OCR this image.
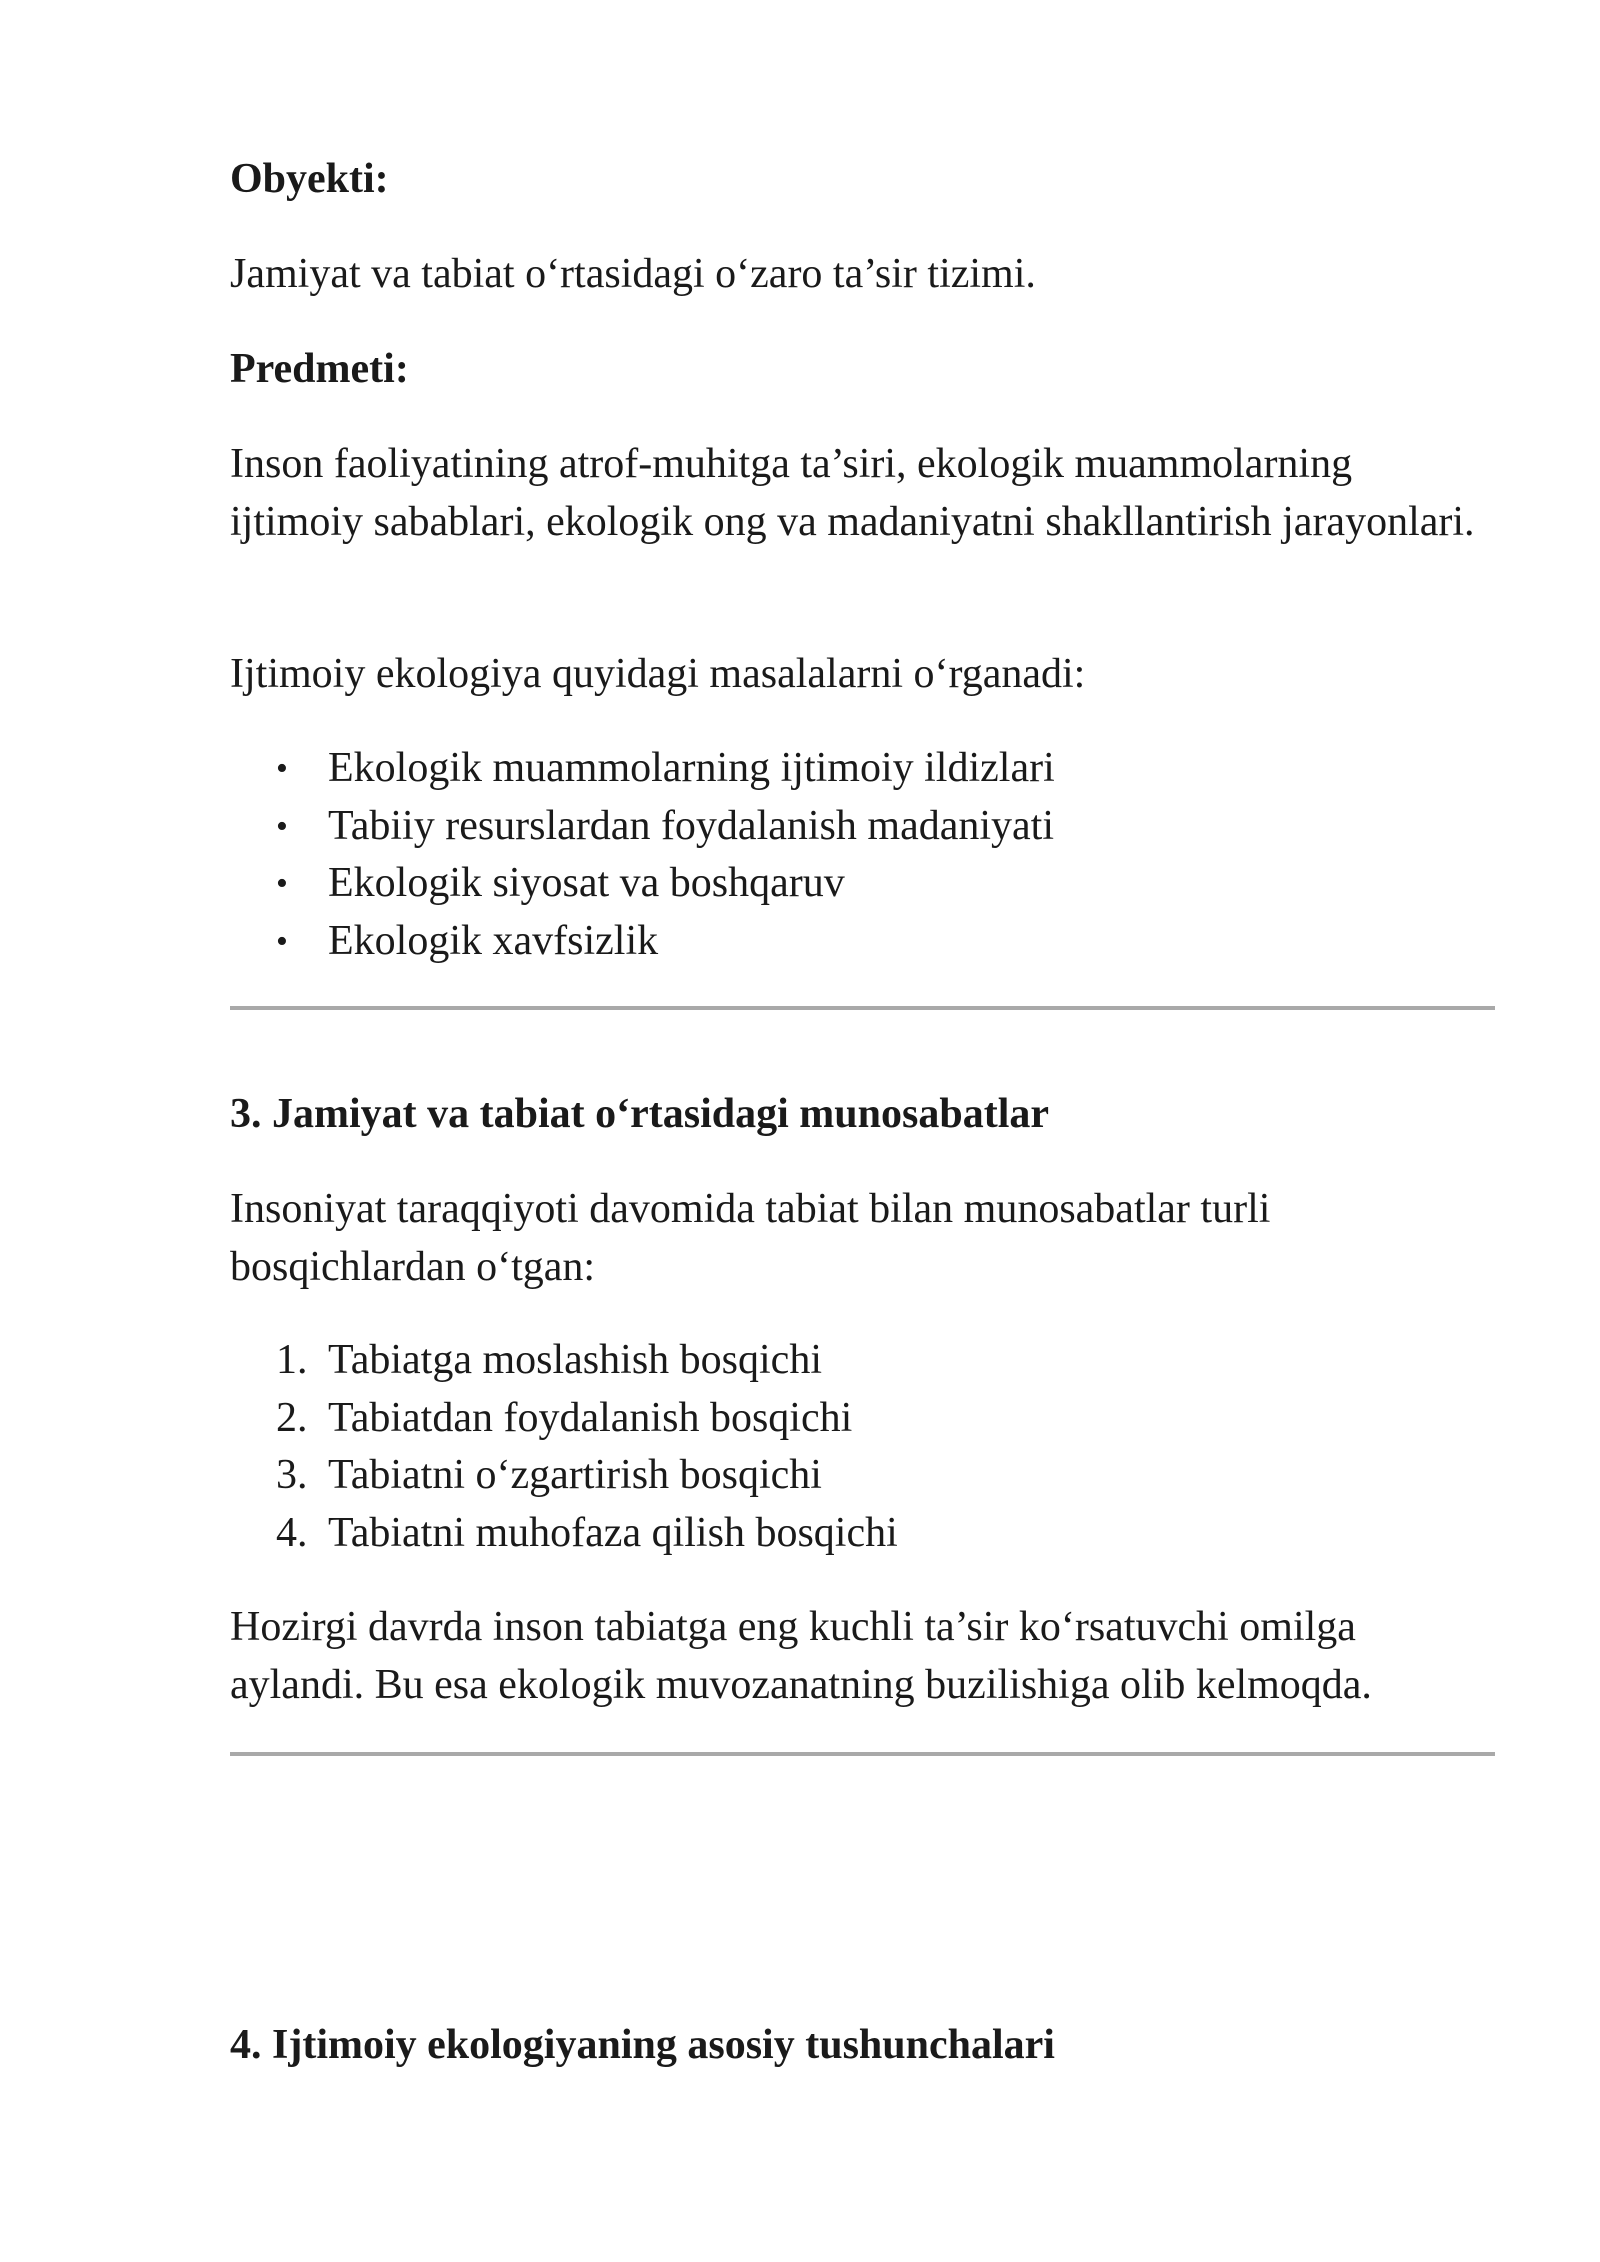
Obyekti:

Jamiyat va tabiat o‘rtasidagi o‘zaro ta’sir tizimi.

Predmeti:

Inson faoliyatining atrof-muhitga ta’siri, ekologik muammolarning ijtimoiy sabablari, ekologik ong va madaniyatni shakllantirish jarayonlari.

Ijtimoiy ekologiya quyidagi masalalarni o‘rganadi:

• Ekologik muammolarning ijtimoiy ildizlari
• Tabiiy resurslardan foydalanish madaniyati
• Ekologik siyosat va boshqaruv
• Ekologik xavfsizlik
3. Jamiyat va tabiat o‘rtasidagi munosabatlar

Insoniyat taraqqiyoti davomida tabiat bilan munosabatlar turli bosqichlardan o‘tgan:

1. Tabiatga moslashish bosqichi
2. Tabiatdan foydalanish bosqichi
3. Tabiatni o‘zgartirish bosqichi
4. Tabiatni muhofaza qilish bosqichi

Hozirgi davrda inson tabiatga eng kuchli ta’sir ko‘rsatuvchi omilga aylandi. Bu esa ekologik muvozanatning buzilishiga olib kelmoqda.

4. Ijtimoiy ekologiyaning asosiy tushunchalari
